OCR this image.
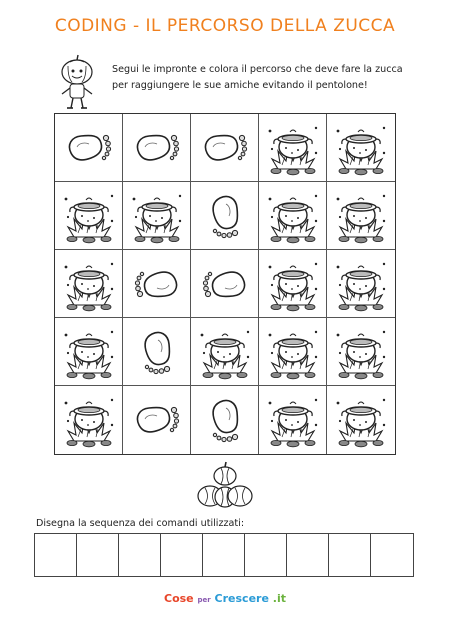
CODING - IL PERCORSO DELLA ZUCCA
Segui le impronte e colora il percorso che deve fare la zucca
per raggiungere le sue amiche evitando il pentolone!
Disegna la sequenza dei comandi utilizzati:
Cose per Crescere .it
